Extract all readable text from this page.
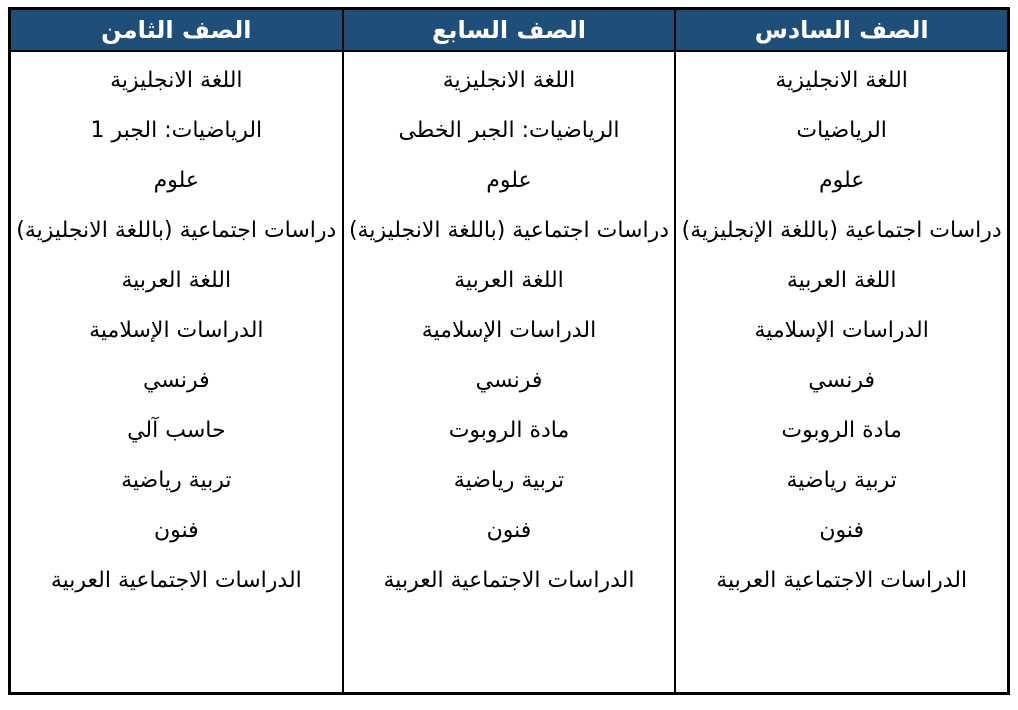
الصف السادس
اللغة الانجليزية
الرياضيات
علوم
دراسات اجتماعية (باللغة الإنجليزية)
اللغة العربية
الدراسات الإسلامية
فرنسي
مادة الروبوت
تربية رياضية
فنون
الدراسات الاجتماعية العربية
الصف السابع
اللغة الانجليزية
الرياضيات: الجبر الخطى
علوم
دراسات اجتماعية (باللغة الانجليزية)
اللغة العربية
الدراسات الإسلامية
فرنسي
مادة الروبوت
تربية رياضية
فنون
الدراسات الاجتماعية العربية
الصف الثامن
اللغة الانجليزية
الرياضيات: الجبر 1
علوم
دراسات اجتماعية (باللغة الانجليزية)
اللغة العربية
الدراسات الإسلامية
فرنسي
حاسب آلي
تربية رياضية
فنون
الدراسات الاجتماعية العربية
